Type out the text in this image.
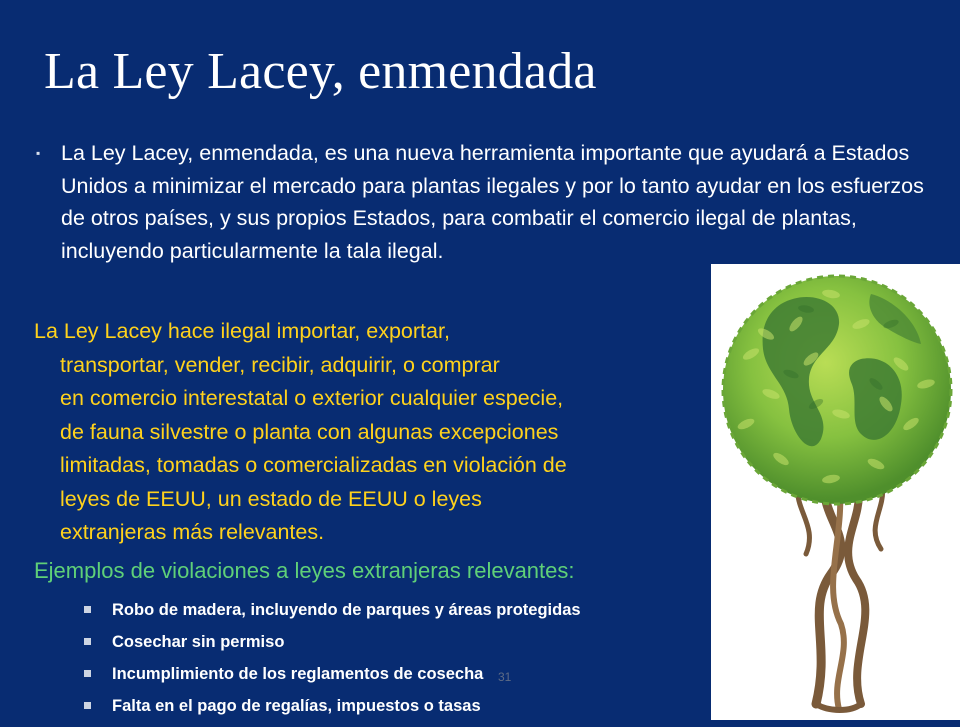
La Ley Lacey, enmendada
▪ La Ley Lacey, enmendada, es una nueva herramienta importante que ayudará a Estados Unidos a minimizar el mercado para plantas ilegales y por lo tanto ayudar en los esfuerzos de otros países, y sus propios Estados, para combatir el comercio ilegal de plantas, incluyendo particularmente la tala ilegal.
La Ley Lacey hace ilegal importar, exportar,
transportar, vender, recibir, adquirir, o comprar
en comercio interestatal o exterior cualquier especie,
de fauna silvestre o planta con algunas excepciones
limitadas, tomadas o comercializadas en violación de
leyes de EEUU, un estado de EEUU o leyes
extranjeras más relevantes.
Ejemplos de violaciones a leyes extranjeras relevantes:
Robo de madera, incluyendo de parques y áreas protegidas
Cosechar sin permiso
Incumplimiento de los reglamentos de cosecha
Falta en el pago de regalías, impuestos o tasas
31
